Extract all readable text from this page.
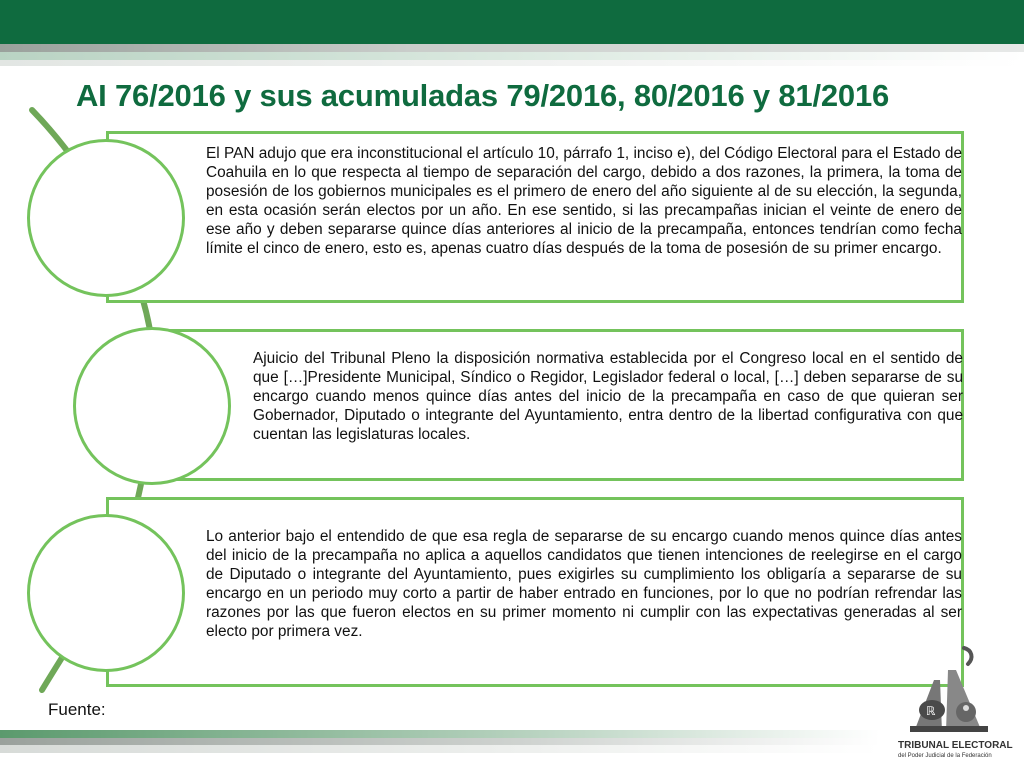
AI 76/2016 y sus acumuladas 79/2016, 80/2016 y 81/2016
El PAN adujo que era inconstitucional el artículo 10, párrafo 1, inciso e), del Código Electoral para el Estado de Coahuila en lo que respecta al tiempo de separación del cargo, debido a dos razones, la primera, la toma de posesión de los gobiernos municipales es el primero de enero del año siguiente al de su elección, la segunda, en esta ocasión serán electos por un año. En ese sentido, si las precampañas inician el veinte de enero de ese año y deben separarse quince días anteriores al inicio de la precampaña, entonces tendrían como fecha límite el cinco de enero, esto es, apenas cuatro días después de la toma de posesión de su primer encargo.
Ajuicio del Tribunal Pleno la disposición normativa establecida por el Congreso local en el sentido de que […]Presidente Municipal, Síndico o Regidor, Legislador federal o local, […] deben separarse de su encargo cuando menos quince días antes del inicio de la precampaña en caso de que quieran ser Gobernador, Diputado o integrante del Ayuntamiento, entra dentro de la libertad configurativa con que cuentan las legislaturas locales.
Lo anterior bajo el entendido de que esa regla de separarse de su encargo cuando menos quince días antes del inicio de la precampaña no aplica a aquellos candidatos que tienen intenciones de reelegirse en el cargo de Diputado o integrante del Ayuntamiento, pues exigirles su cumplimiento los obligaría a separarse de su encargo en un periodo muy corto a partir de haber entrado en funciones, por lo que no podrían refrendar las razones por las que fueron electos en su primer momento ni cumplir con las expectativas generadas al ser electo por primera vez.
Fuente:	ℝ
TRIBUNAL ELECTORAL
del Poder Judicial de la Federación
